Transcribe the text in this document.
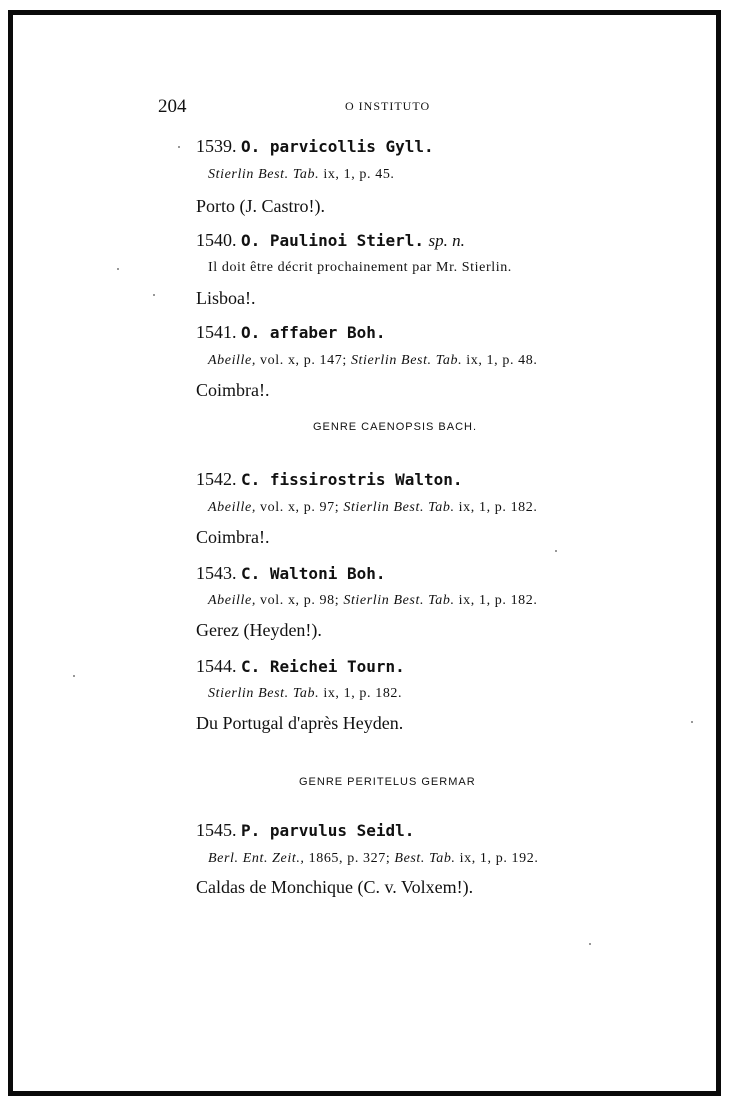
204	O INSTITUTO
1539. O. parvicollis Gyll.
Stierlin Best. Tab. ix, 1, p. 45.
Porto (J. Castro!).
1540. O. Paulinoi Stierl. sp. n.
Il doit être décrit prochainement par Mr. Stierlin.
Lisboa!.
1541. O. affaber Boh.
Abeille, vol. x, p. 147; Stierlin Best. Tab. ix, 1, p. 48.
Coimbra!.
GENRE CAENOPSIS BACH.
1542. C. fissirostris Walton.
Abeille, vol. x, p. 97; Stierlin Best. Tab. ix, 1, p. 182.
Coimbra!.
1543. C. Waltoni Boh.
Abeille, vol. x, p. 98; Stierlin Best. Tab. ix, 1, p. 182.
Gerez (Heyden!).
1544. C. Reichei Tourn.
Stierlin Best. Tab. ix, 1, p. 182.
Du Portugal d'après Heyden.
GENRE PERITELUS GERMAR
1545. P. parvulus Seidl.
Berl. Ent. Zeit., 1865, p. 327; Best. Tab. ix, 1, p. 192.
Caldas de Monchique (C. v. Volxem!).
